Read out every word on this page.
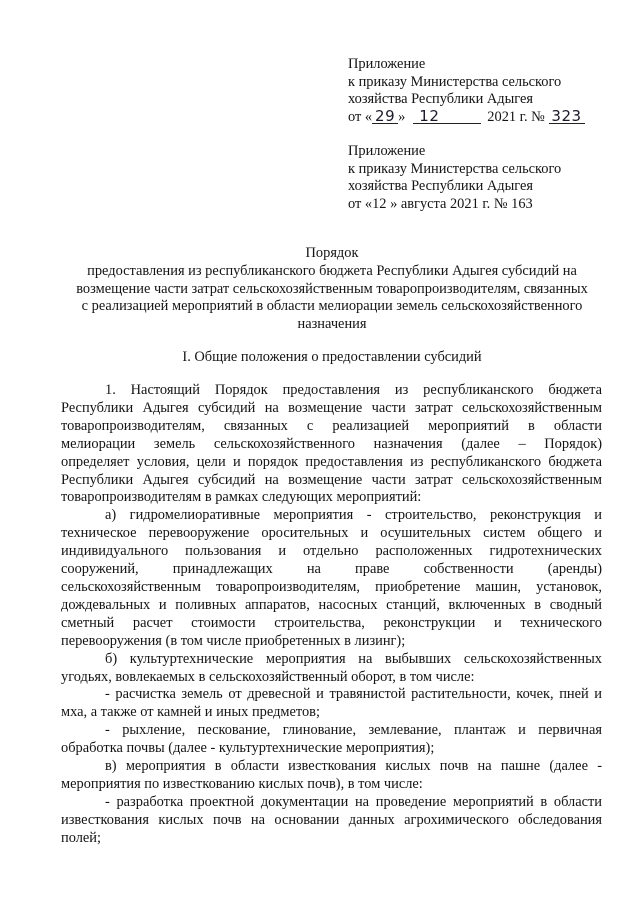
Приложение
к приказу Министерства сельского
хозяйства Республики Адыгея
от « 29 » 12	2021 г. № 323
Приложение
к приказу Министерства сельского
хозяйства Республики Адыгея
от «12 » августа 2021 г. № 163
Порядок
предоставления из республиканского бюджета Республики Адыгея субсидий на
возмещение части затрат сельскохозяйственным товаропроизводителям, связанных
с реализацией мероприятий в области мелиорации земель сельскохозяйственного
назначения
I. Общие положения о предоставлении субсидий
1. Настоящий Порядок предоставления из республиканского бюджета
Республики Адыгея субсидий на возмещение части затрат сельскохозяйственным
товаропроизводителям, связанных с реализацией мероприятий в области
мелиорации земель сельскохозяйственного назначения (далее – Порядок)
определяет условия, цели и порядок предоставления из республиканского бюджета
Республики Адыгея субсидий на возмещение части затрат сельскохозяйственным
товаропроизводителям в рамках следующих мероприятий:
а) гидромелиоративные мероприятия - строительство, реконструкция и
техническое перевооружение оросительных и осушительных систем общего и
индивидуального пользования и отдельно расположенных гидротехнических
сооружений, принадлежащих на праве собственности (аренды)
сельскохозяйственным товаропроизводителям, приобретение машин, установок,
дождевальных и поливных аппаратов, насосных станций, включенных в сводный
сметный расчет стоимости строительства, реконструкции и технического
перевооружения (в том числе приобретенных в лизинг);
б) культуртехнические мероприятия на выбывших сельскохозяйственных
угодьях, вовлекаемых в сельскохозяйственный оборот, в том числе:
- расчистка земель от древесной и травянистой растительности, кочек, пней и
мха, а также от камней и иных предметов;
- рыхление, пескование, глинование, землевание, плантаж и первичная
обработка почвы (далее - культуртехнические мероприятия);
в) мероприятия в области известкования кислых почв на пашне (далее -
мероприятия по известкованию кислых почв), в том числе:
- разработка проектной документации на проведение мероприятий в области
известкования кислых почв на основании данных агрохимического обследования
полей;
